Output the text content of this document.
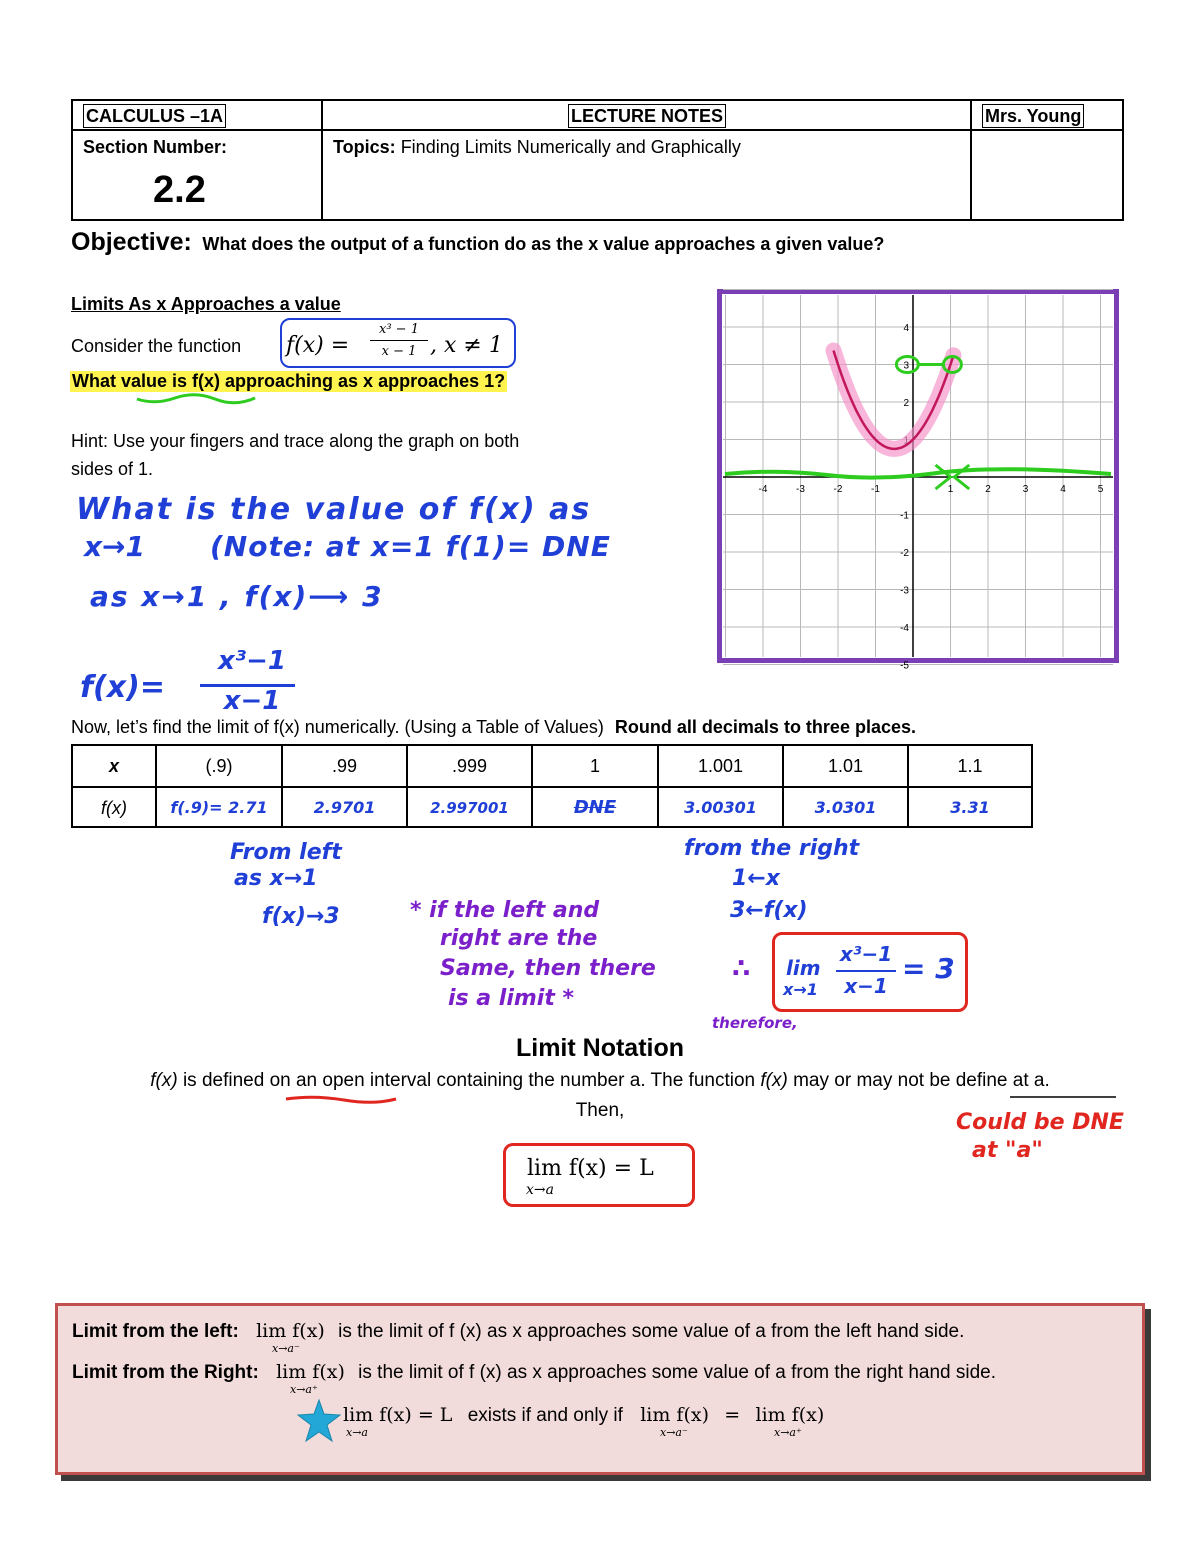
CALCULUS –1A
Section Number:
2.2
LECTURE NOTES
Topics: Finding Limits Numerically and Graphically
Mrs. Young
Objective: What does the output of a function do as the x value approaches a given value?
Limits As x Approaches a value
Consider the function f(x) =
x³ − 1
x − 1 , x ≠ 1
What value is f(x) approaching as x approaches 1?
Hint: Use your fingers and trace along the graph on both
sides of 1.
What is the value of f(x) as
x→1 (Note: at x=1 f(1)= DNE
as x→1 , f(x)⟶ 3
f(x)=
x³−1
x−1
-4	-3	-2	-1	1	2	3	4	5
4
3
2
1
-1
-2
-3
-4
-5
Now, let’s find the limit of f(x) numerically. (Using a Table of Values) Round all decimals to three places.
x	(.9)	.99	.999	1	1.001	1.01	1.1
f(x)	f(.9)= 2.71	2.9701	2.997001	DNE	3.00301	3.0301	3.31
From left
as x→1
f(x)→3
from the right
1←x
3←f(x)
* if the left and
right are the
Same, then there
is a limit *
therefore,
∴ lim
x→1
x³−1
x−1
= 3
Limit Notation
f(x) is defined on an open interval containing the number a. The function f(x) may or may not be define at a.
Then,	Could be DNE
at "a"
lim f(x) = L
x→a
Limit from the left: lim f(x) is the limit of f (x) as x approaches some value of a from the left hand side.
x→a⁻
Limit from the Right: lim f(x) is the limit of f (x) as x approaches some value of a from the right hand side.
x→a⁺
lim f(x) = L exists if and only if lim f(x) = lim f(x)
x→a	x→a⁻	x→a⁺
